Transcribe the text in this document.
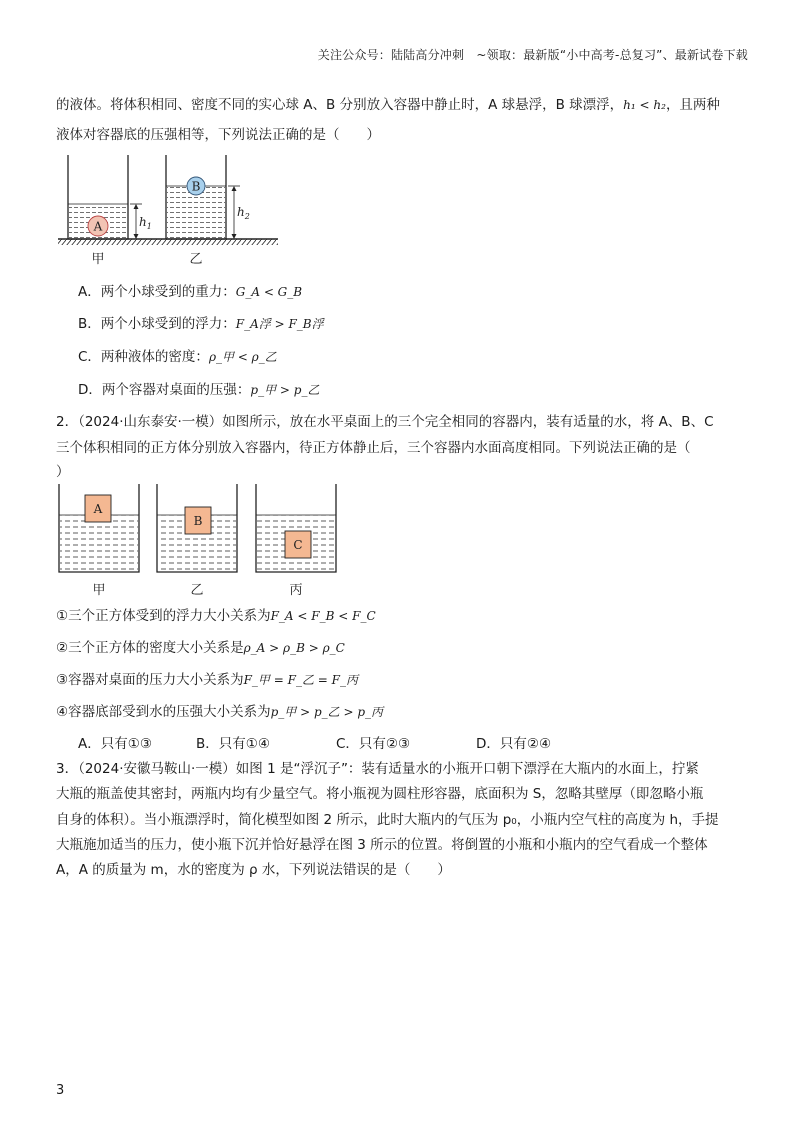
关注公众号：陆陆高分冲刺　~领取：最新版“小中高考-总复习”、最新试卷下载
的液体。将体积相同、密度不同的实心球 A、B 分别放入容器中静止时，A 球悬浮，B 球漂浮，h₁ < h₂，且两种
液体对容器底的压强相等，下列说法正确的是（　　）
A	$h_1$
B
$h_2$
甲	乙
A．两个小球受到的重力：G_A < G_B
B．两个小球受到的浮力：F_A浮 > F_B浮
C．两种液体的密度：ρ_甲 < ρ_乙
D．两个容器对桌面的压强：p_甲 > p_乙
2．（2024·山东泰安·一模）如图所示，放在水平桌面上的三个完全相同的容器内，装有适量的水，将 A、B、C
三个体积相同的正方体分别放入容器内，待正方体静止后，三个容器内水面高度相同。下列说法正确的是（
）
A
B
C
甲	乙	丙
①三个正方体受到的浮力大小关系为F_A < F_B < F_C
②三个正方体的密度大小关系是ρ_A > ρ_B > ρ_C
③容器对桌面的压力大小关系为F_甲 = F_乙 = F_丙
④容器底部受到水的压强大小关系为p_甲 > p_乙 > p_丙
A．只有①③	B．只有①④	C．只有②③	D．只有②④
3．（2024·安徽马鞍山·一模）如图 1 是“浮沉子”：装有适量水的小瓶开口朝下漂浮在大瓶内的水面上，拧紧
大瓶的瓶盖使其密封，两瓶内均有少量空气。将小瓶视为圆柱形容器，底面积为 S，忽略其壁厚（即忽略小瓶
自身的体积）。当小瓶漂浮时，简化模型如图 2 所示，此时大瓶内的气压为 p₀，小瓶内空气柱的高度为 h，手提
大瓶施加适当的压力，使小瓶下沉并恰好悬浮在图 3 所示的位置。将倒置的小瓶和小瓶内的空气看成一个整体
A，A 的质量为 m，水的密度为 ρ 水，下列说法错误的是（　　）
3
